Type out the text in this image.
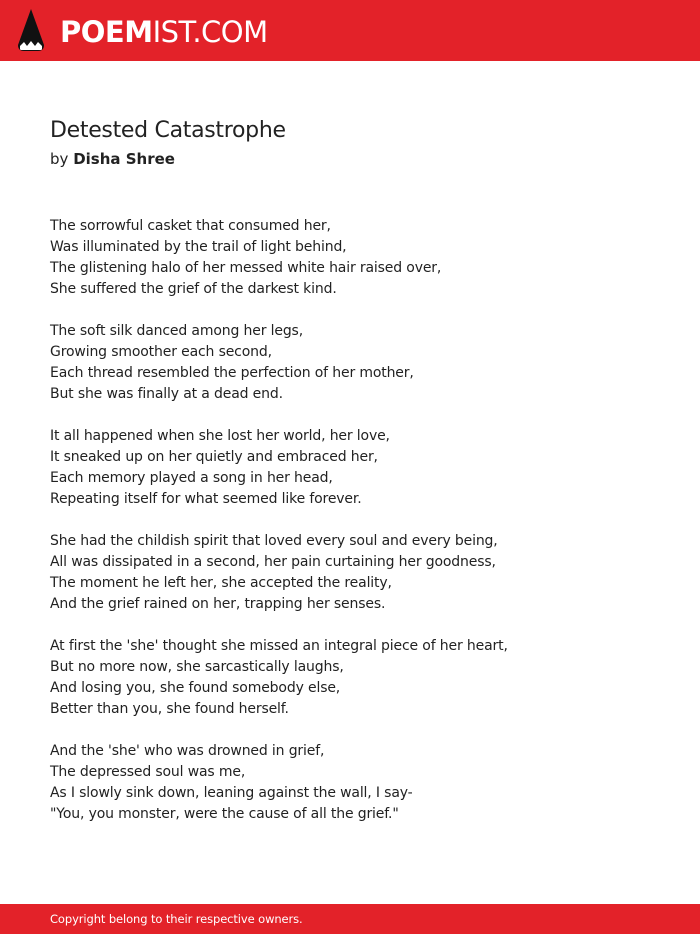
POEMIST.COM
Detested Catastrophe

by Disha Shree

The sorrowful casket that consumed her,
Was illuminated by the trail of light behind,
The glistening halo of her messed white hair raised over,
She suffered the grief of the darkest kind.

The soft silk danced among her legs,
Growing smoother each second,
Each thread resembled the perfection of her mother,
But she was finally at a dead end.

It all happened when she lost her world, her love,
It sneaked up on her quietly and embraced her,
Each memory played a song in her head,
Repeating itself for what seemed like forever.

She had the childish spirit that loved every soul and every being,
All was dissipated in a second, her pain curtaining her goodness,
The moment he left her, she accepted the reality,
And the grief rained on her, trapping her senses.

At first the 'she' thought she missed an integral piece of her heart,
But no more now, she sarcastically laughs,
And losing you, she found somebody else,
Better than you, she found herself.

And the 'she' who was drowned in grief,
The depressed soul was me,
As I slowly sink down, leaning against the wall, I say-
"You, you monster, were the cause of all the grief."

Copyright belong to their respective owners.
